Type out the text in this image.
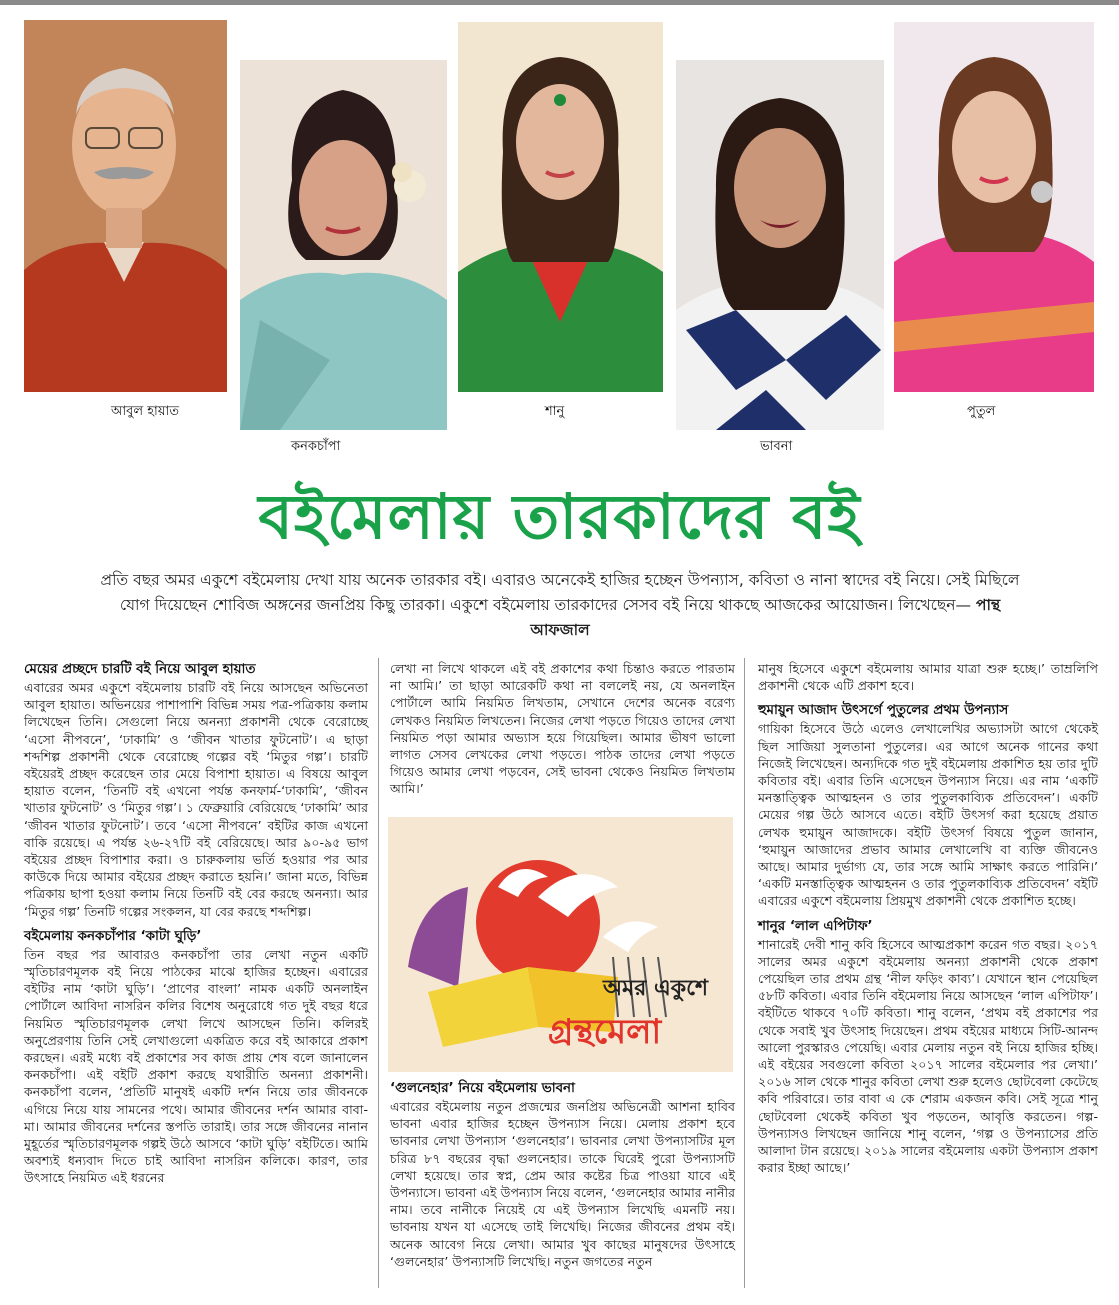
আবুল হায়াত
কনকচাঁপা
শানু
ভাবনা
পুতুল
বইমেলায় তারকাদের বই
প্রতি বছর অমর একুশে বইমেলায় দেখা যায় অনেক তারকার বই। এবারও অনেকেই হাজির হচ্ছেন উপন্যাস, কবিতা ও নানা স্বাদের বই নিয়ে। সেই মিছিলে যোগ দিয়েছেন শোবিজ অঙ্গনের জনপ্রিয় কিছু তারকা। একুশে বইমেলায় তারকাদের সেসব বই নিয়ে থাকছে আজকের আয়োজন। লিখেছেন— পান্থ আফজাল
মেয়ের প্রচ্ছদে চারটি বই নিয়ে আবুল হায়াত

এবারের অমর একুশে বইমেলায় চারটি বই নিয়ে আসছেন অভিনেতা আবুল হায়াত। অভিনয়ের পাশাপাশি বিভিন্ন সময় পত্র-পত্রিকায় কলাম লিখেছেন তিনি। সেগুলো নিয়ে অনন্যা প্রকাশনী থেকে বেরোচ্ছে ‘এসো নীপবনে’, ‘ঢাকামি’ ও ‘জীবন খাতার ফুটনোট’। এ ছাড়া শব্দশিল্প প্রকাশনী থেকে বেরোচ্ছে গল্পের বই ‘মিতুর গল্প’। চারটি বইয়েরই প্রচ্ছদ করেছেন তার মেয়ে বিপাশা হায়াত। এ বিষয়ে আবুল হায়াত বলেন, ‘তিনটি বই এখনো পর্যন্ত কনফার্ম-‘ঢাকামি’, ‘জীবন খাতার ফুটনোট’ ও ‘মিতুর গল্প’। ১ ফেব্রুয়ারি বেরিয়েছে ‘ঢাকামি’ আর ‘জীবন খাতার ফুটনোট’। তবে ‘এসো নীপবনে’ বইটির কাজ এখনো বাকি রয়েছে। এ পর্যন্ত ২৬-২৭টি বই বেরিয়েছে। আর ৯০-৯৫ ভাগ বইয়ের প্রচ্ছদ বিপাশার করা। ও চারুকলায় ভর্তি হওয়ার পর আর কাউকে দিয়ে আমার বইয়ের প্রচ্ছদ করাতে হয়নি।’ জানা মতে, বিভিন্ন পত্রিকায় ছাপা হওয়া কলাম নিয়ে তিনটি বই বের করছে অনন্যা। আর ‘মিতুর গল্প’ তিনটি গল্পের সংকলন, যা বের করছে শব্দশিল্প।

বইমেলায় কনকচাঁপার ‘কাটা ঘুড়ি’

তিন বছর পর আবারও কনকচাঁপা তার লেখা নতুন একটি স্মৃতিচারণমূলক বই নিয়ে পাঠকের মাঝে হাজির হচ্ছেন। এবারের বইটির নাম ‘কাটা ঘুড়ি’। ‘প্রাণের বাংলা’ নামক একটি অনলাইন পোর্টালে আবিদা নাসরিন কলির বিশেষ অনুরোধে গত দুই বছর ধরে নিয়মিত স্মৃতিচারণমূলক লেখা লিখে আসছেন তিনি। কলিরই অনুপ্রেরণায় তিনি সেই লেখাগুলো একত্রিত করে বই আকারে প্রকাশ করছেন। এরই মধ্যে বই প্রকাশের সব কাজ প্রায় শেষ বলে জানালেন কনকচাঁপা। এই বইটি প্রকাশ করছে যথারীতি অনন্যা প্রকাশনী। কনকচাঁপা বলেন, ‘প্রতিটি মানুষই একটি দর্শন নিয়ে তার জীবনকে এগিয়ে নিয়ে যায় সামনের পথে। আমার জীবনের দর্শন আমার বাবা-মা। আমার জীবনের দর্শনের স্তপতি তারাই। তার সঙ্গে জীবনের নানান মুহূর্তের স্মৃতিচারণমূলক গল্পই উঠে আসবে ‘কাটা ঘুড়ি’ বইটিতে। আমি অবশ্যই ধন্যবাদ দিতে চাই আবিদা নাসরিন কলিকে। কারণ, তার উৎসাহে নিয়মিত এই ধরনের

লেখা না লিখে থাকলে এই বই প্রকাশের কথা চিন্তাও করতে পারতাম না আমি।’ তা ছাড়া আরেকটি কথা না বললেই নয়, যে অনলাইন পোর্টালে আমি নিয়মিত লিখতাম, সেখানে দেশের অনেক বরেণ্য লেখকও নিয়মিত লিখতেন। নিজের লেখা পড়তে গিয়েও তাদের লেখা নিয়মিত পড়া আমার অভ্যাস হয়ে গিয়েছিল। আমার ভীষণ ভালো লাগত সেসব লেখকের লেখা পড়তে। পাঠক তাদের লেখা পড়তে গিয়েও আমার লেখা পড়বেন, সেই ভাবনা থেকেও নিয়মিত লিখতাম আমি।’

অমর একুশে
গ্রন্থমেলা
‘গুলনেহার’ নিয়ে বইমেলায় ভাবনা

এবারের বইমেলায় নতুন প্রজন্মের জনপ্রিয় অভিনেত্রী আশনা হাবিব ভাবনা এবার হাজির হচ্ছেন উপন্যাস নিয়ে। মেলায় প্রকাশ হবে ভাবনার লেখা উপন্যাস ‘গুলনেহার’। ভাবনার লেখা উপন্যাসটির মূল চরিত্র ৮৭ বছরের বৃদ্ধা গুলনেহার। তাকে ঘিরেই পুরো উপন্যাসটি লেখা হয়েছে। তার স্বপ্ন, প্রেম আর কষ্টের চিত্র পাওয়া যাবে এই উপন্যাসে। ভাবনা এই উপন্যাস নিয়ে বলেন, ‘গুলনেহার আমার নানীর নাম। তবে নানীকে নিয়েই যে এই উপন্যাস লিখেছি এমনটি নয়। ভাবনায় যখন যা এসেছে তাই লিখেছি। নিজের জীবনের প্রথম বই। অনেক আবেগ নিয়ে লেখা। আমার খুব কাছের মানুষদের উৎসাহে ‘গুলনেহার’ উপন্যাসটি লিখেছি। নতুন জগতের নতুন

মানুষ হিসেবে একুশে বইমেলায় আমার যাত্রা শুরু হচ্ছে।’ তাম্রলিপি প্রকাশনী থেকে এটি প্রকাশ হবে।

হুমায়ুন আজাদ উৎসর্গে পুতুলের প্রথম উপন্যাস

গায়িকা হিসেবে উঠে এলেও লেখালেখির অভ্যাসটা আগে থেকেই ছিল সাজিয়া সুলতানা পুতুলের। এর আগে অনেক গানের কথা নিজেই লিখেছেন। অন্যদিকে গত দুই বইমেলায় প্রকাশিত হয় তার দুটি কবিতার বই। এবার তিনি এসেছেন উপন্যাস নিয়ে। এর নাম ‘একটি মনস্তাত্ত্বিক আত্মহনন ও তার পুতুলকাব্যিক প্রতিবেদন’। একটি মেয়ের গল্প উঠে আসবে এতে। বইটি উৎসর্গ করা হয়েছে প্রয়াত লেখক হুমায়ুন আজাদকে। বইটি উৎসর্গ বিষয়ে পুতুল জানান, ‘হুমায়ুন আজাদের প্রভাব আমার লেখালেখি বা ব্যক্তি জীবনেও আছে। আমার দুর্ভাগ্য যে, তার সঙ্গে আমি সাক্ষাৎ করতে পারিনি।’ ‘একটি মনস্তাত্ত্বিক আত্মহনন ও তার পুতুলকাব্যিক প্রতিবেদন’ বইটি এবারের একুশে বইমেলায় প্রিয়মুখ প্রকাশনী থেকে প্রকাশিত হচ্ছে।

শানুর ‘লাল এপিটাফ’

শানারেই দেবী শানু কবি হিসেবে আত্মপ্রকাশ করেন গত বছর। ২০১৭ সালের অমর একুশে বইমেলায় অনন্যা প্রকাশনী থেকে প্রকাশ পেয়েছিল তার প্রথম গ্রন্থ ‘নীল ফড়িং কাব্য’। যেখানে স্থান পেয়েছিল ৫৮টি কবিতা। এবার তিনি বইমেলায় নিয়ে আসছেন ‘লাল এপিটাফ’। বইটিতে থাকবে ৭০টি কবিতা। শানু বলেন, ‘প্রথম বই প্রকাশের পর থেকে সবাই খুব উৎসাহ দিয়েছেন। প্রথম বইয়ের মাধ্যমে সিটি-আনন্দ আলো পুরস্কারও পেয়েছি। এবার মেলায় নতুন বই নিয়ে হাজির হচ্ছি। এই বইয়ের সবগুলো কবিতা ২০১৭ সালের বইমেলার পর লেখা।’ ২০১৬ সাল থেকে শানুর কবিতা লেখা শুরু হলেও ছোটবেলা কেটেছে কবি পরিবারে। তার বাবা এ কে শেরাম একজন কবি। সেই সূত্রে শানু ছোটবেলা থেকেই কবিতা খুব পড়তেন, আবৃত্তি করতেন। গল্প-উপন্যাসও লিখছেন জানিয়ে শানু বলেন, ‘গল্প ও উপন্যাসের প্রতি আলাদা টান রয়েছে। ২০১৯ সালের বইমেলায় একটা উপন্যাস প্রকাশ করার ইচ্ছা আছে।’
